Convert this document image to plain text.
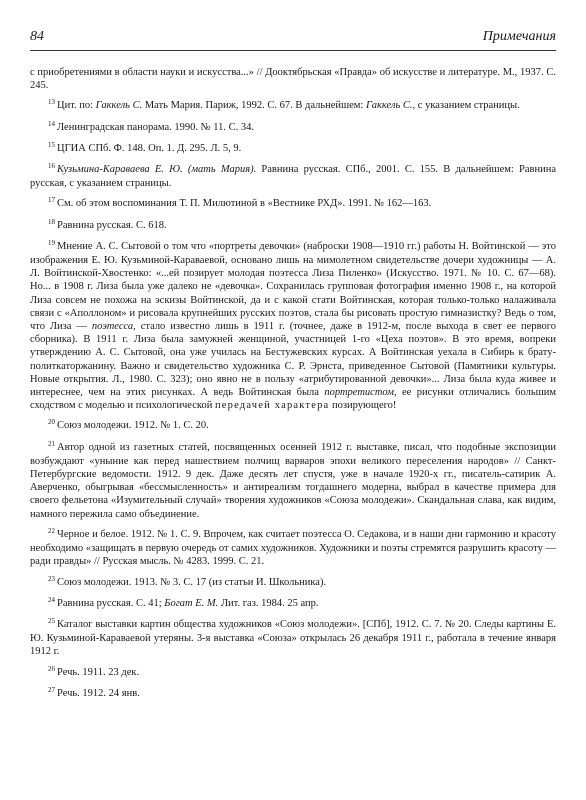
84	Примечания

с приобретениями в области науки и искусства...» // Доoктябрьская «Правда» об искусстве и литературе. М., 1937. С. 245.

$^{13}$ Цит. по: Гаккель С. Мать Мария. Париж, 1992. С. 67. В дальнейшем: Гаккель С., с указанием страницы.

$^{14}$ Ленинградская панорама. 1990. № 11. С. 34.

$^{15}$ ЦГИА СПб. Ф. 148. Оп. 1. Д. 295. Л. 5, 9.

$^{16}$ Кузьмина-Караваева Е. Ю. (мать Мария). Равнина русская. СПб., 2001. С. 155. В дальнейшем: Равнина русская, с указанием страницы.

$^{17}$ См. об этом воспоминания Т. П. Милютиной в «Вестнике РХД». 1991. № 162—163.

$^{18}$ Равнина русская. С. 618.

$^{19}$ Мнение А. С. Сытовой о том что «портреты девочки» (наброски 1908—1910 гг.) работы Н. Войтинской — это изображения Е. Ю. Кузьминой-Караваевой, основано лишь на мимолетном свидетельстве дочери художницы — А. Л. Войтинской-Хвостенко: «...ей позирует молодая поэтесса Лиза Пиленко» (Искусство. 1971. № 10. С. 67—68). Но... в 1908 г. Лиза была уже далеко не «девочка». Сохранилась групповая фотография именно 1908 г., на которой Лиза совсем не похожа на эскизы Войтинской, да и с какой стати Войтинская, которая только-только налаживала связи с «Аполлоном» и рисовала крупнейших русских поэтов, стала бы рисовать простую гимназистку? Ведь о том, что Лиза — поэтесса, стало известно лишь в 1911 г. (точнее, даже в 1912-м, после выхода в свет ее первого сборника). В 1911 г. Лиза была замужней женщиной, участницей 1-го «Цеха поэтов». В это время, вопреки утверждению А. С. Сытовой, она уже училась на Бестужевских курсах. А Войтинская уехала в Сибирь к брату-политкаторжанину. Важно и свидетельство художника С. Р. Эрнста, приведенное Сытовой (Памятники культуры. Новые открытия. Л., 1980. С. 323); оно явно не в пользу «атрибутированной девочки»... Лиза была куда живее и интереснее, чем на этих рисунках. А ведь Войтинская была портретистом, ее рисунки отличались большим сходством с моделью и психологической передачей характера позирующего!

$^{20}$ Союз молодежи. 1912. № 1. С. 20.

$^{21}$ Автор одной из газетных статей, посвященных осенней 1912 г. выставке, писал, что подобные экспозиции возбуждают «уныние как перед нашествием полчищ варваров эпохи великого переселения народов» // Санкт-Петербургские ведомости. 1912. 9 дек. Даже десять лет спустя, уже в начале 1920-х гг., писатель-сатирик А. Аверченко, обыгрывая «бессмысленность» и антиреализм тогдашнего модерна, выбрал в качестве примера для своего фельетона «Изумительный случай» творения художников «Союза молодежи». Скандальная слава, как видим, намного пережила само объединение.

$^{22}$ Черное и белое. 1912. № 1. С. 9. Впрочем, как считает поэтесса О. Седакова, и в наши дни гармонию и красоту необходимо «защищать в первую очередь от самих художников. Художники и поэты стремятся разрушить красоту — ради правды» // Русская мысль. № 4283. 1999. С. 21.

$^{23}$ Союз молодежи. 1913. № 3. С. 17 (из статьи И. Школьника).

$^{24}$ Равнина русская. С. 41; Богат Е. М. Лит. газ. 1984. 25 апр.

$^{25}$ Каталог выставки картин общества художников «Союз молодежи». [СПб], 1912. С. 7. № 20. Следы картины Е. Ю. Кузьминой-Караваевой утеряны. 3-я выставка «Союза» открылась 26 декабря 1911 г., работала в течение января 1912 г.

$^{26}$ Речь. 1911. 23 дек.

$^{27}$ Речь. 1912. 24 янв.
